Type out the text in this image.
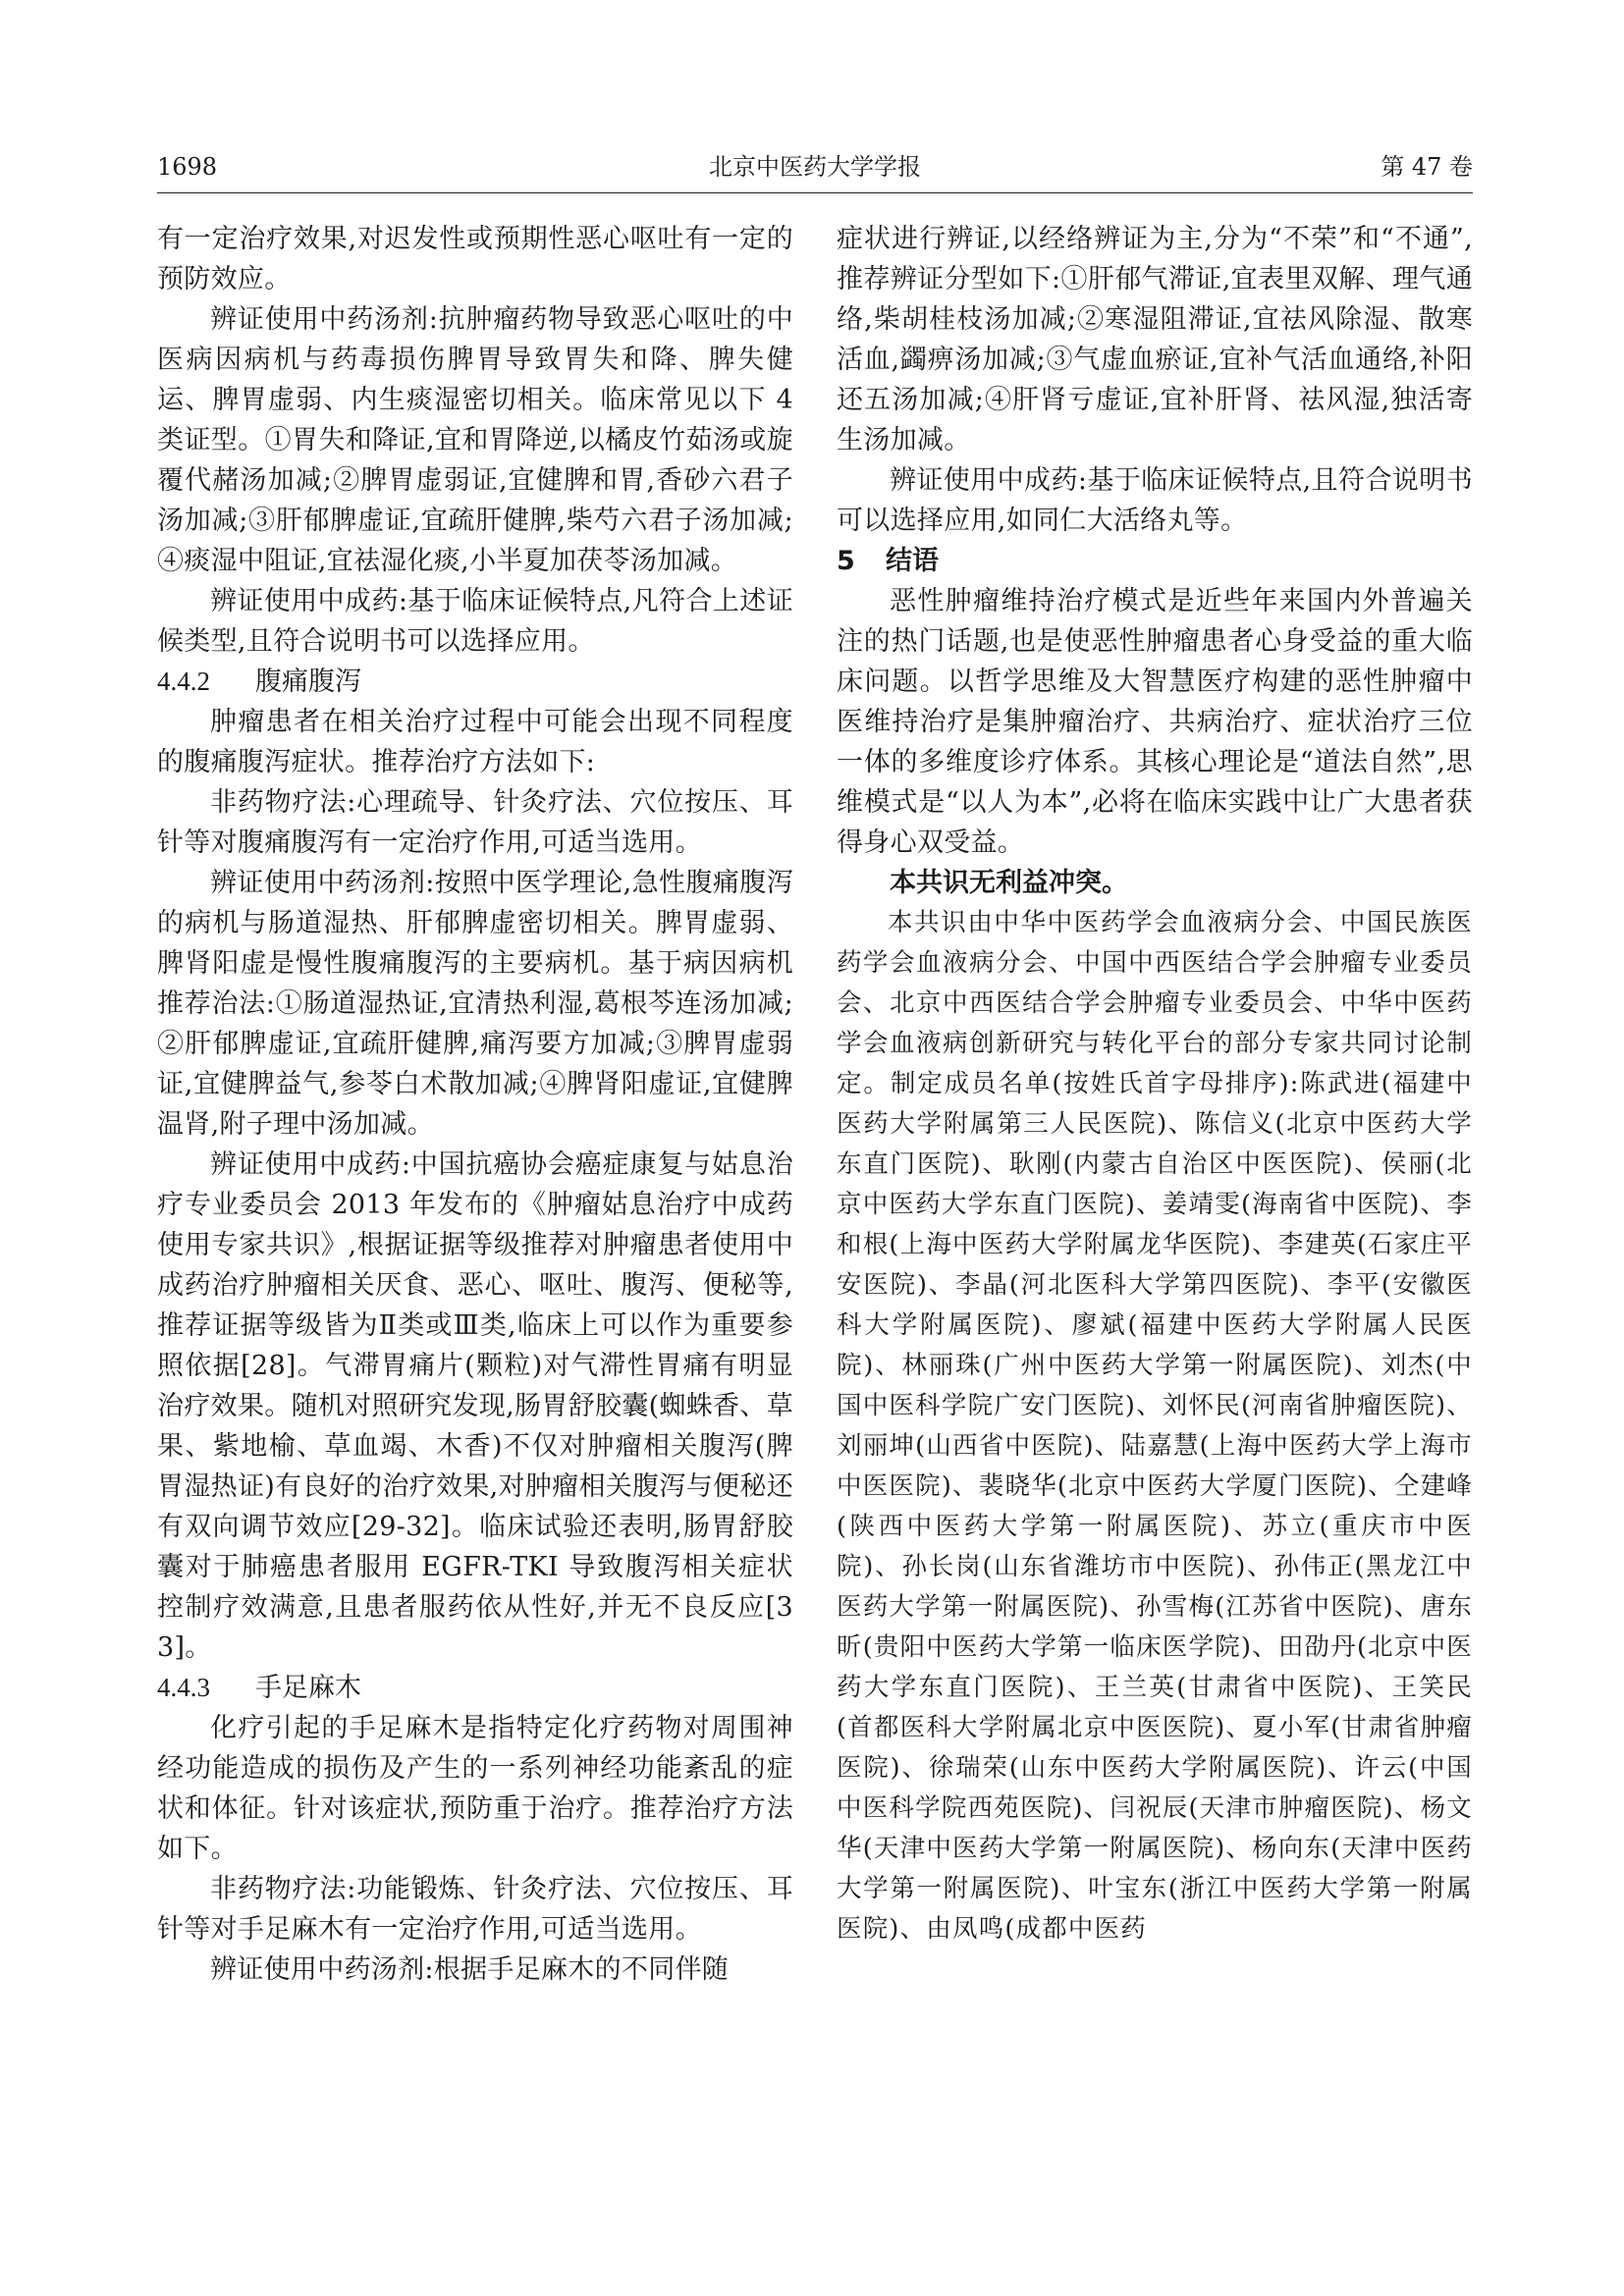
1698	北京中医药大学学报	第 47 卷

有一定治疗效果,对迟发性或预期性恶心呕吐有一定的预防效应。

辨证使用中药汤剂:抗肿瘤药物导致恶心呕吐的中医病因病机与药毒损伤脾胃导致胃失和降、脾失健运、脾胃虚弱、内生痰湿密切相关。临床常见以下 4 类证型。①胃失和降证,宜和胃降逆,以橘皮竹茹汤或旋覆代赭汤加减;②脾胃虚弱证,宜健脾和胃,香砂六君子汤加减;③肝郁脾虚证,宜疏肝健脾,柴芍六君子汤加减;④痰湿中阻证,宜祛湿化痰,小半夏加茯苓汤加减。

辨证使用中成药:基于临床证候特点,凡符合上述证候类型,且符合说明书可以选择应用。

4.4.2 腹痛腹泻

肿瘤患者在相关治疗过程中可能会出现不同程度的腹痛腹泻症状。推荐治疗方法如下:

非药物疗法:心理疏导、针灸疗法、穴位按压、耳针等对腹痛腹泻有一定治疗作用,可适当选用。

辨证使用中药汤剂:按照中医学理论,急性腹痛腹泻的病机与肠道湿热、肝郁脾虚密切相关。脾胃虚弱、脾肾阳虚是慢性腹痛腹泻的主要病机。基于病因病机推荐治法:①肠道湿热证,宜清热利湿,葛根芩连汤加减;②肝郁脾虚证,宜疏肝健脾,痛泻要方加减;③脾胃虚弱证,宜健脾益气,参苓白术散加减;④脾肾阳虚证,宜健脾温肾,附子理中汤加减。

辨证使用中成药:中国抗癌协会癌症康复与姑息治疗专业委员会 2013 年发布的《肿瘤姑息治疗中成药使用专家共识》,根据证据等级推荐对肿瘤患者使用中成药治疗肿瘤相关厌食、恶心、呕吐、腹泻、便秘等,推荐证据等级皆为Ⅱ类或Ⅲ类,临床上可以作为重要参照依据[28]。气滞胃痛片(颗粒)对气滞性胃痛有明显治疗效果。随机对照研究发现,肠胃舒胶囊(蜘蛛香、草果、紫地榆、草血竭、木香)不仅对肿瘤相关腹泻(脾胃湿热证)有良好的治疗效果,对肿瘤相关腹泻与便秘还有双向调节效应[29-32]。临床试验还表明,肠胃舒胶囊对于肺癌患者服用 EGFR-TKI 导致腹泻相关症状控制疗效满意,且患者服药依从性好,并无不良反应[33]。

4.4.3 手足麻木

化疗引起的手足麻木是指特定化疗药物对周围神经功能造成的损伤及产生的一系列神经功能紊乱的症状和体征。针对该症状,预防重于治疗。推荐治疗方法如下。

非药物疗法:功能锻炼、针灸疗法、穴位按压、耳针等对手足麻木有一定治疗作用,可适当选用。

辨证使用中药汤剂:根据手足麻木的不同伴随

症状进行辨证,以经络辨证为主,分为“不荣”和“不通”,推荐辨证分型如下:①肝郁气滞证,宜表里双解、理气通络,柴胡桂枝汤加减;②寒湿阻滞证,宜祛风除湿、散寒活血,蠲痹汤加减;③气虚血瘀证,宜补气活血通络,补阳还五汤加减;④肝肾亏虚证,宜补肝肾、祛风湿,独活寄生汤加减。

辨证使用中成药:基于临床证候特点,且符合说明书可以选择应用,如同仁大活络丸等。

5 结语

恶性肿瘤维持治疗模式是近些年来国内外普遍关注的热门话题,也是使恶性肿瘤患者心身受益的重大临床问题。以哲学思维及大智慧医疗构建的恶性肿瘤中医维持治疗是集肿瘤治疗、共病治疗、症状治疗三位一体的多维度诊疗体系。其核心理论是“道法自然”,思维模式是“以人为本”,必将在临床实践中让广大患者获得身心双受益。

本共识无利益冲突。

本共识由中华中医药学会血液病分会、中国民族医药学会血液病分会、中国中西医结合学会肿瘤专业委员会、北京中西医结合学会肿瘤专业委员会、中华中医药学会血液病创新研究与转化平台的部分专家共同讨论制定。制定成员名单(按姓氏首字母排序):陈武进(福建中医药大学附属第三人民医院)、陈信义(北京中医药大学东直门医院)、耿刚(内蒙古自治区中医医院)、侯丽(北京中医药大学东直门医院)、姜靖雯(海南省中医院)、李和根(上海中医药大学附属龙华医院)、李建英(石家庄平安医院)、李晶(河北医科大学第四医院)、李平(安徽医科大学附属医院)、廖斌(福建中医药大学附属人民医院)、林丽珠(广州中医药大学第一附属医院)、刘杰(中国中医科学院广安门医院)、刘怀民(河南省肿瘤医院)、刘丽坤(山西省中医院)、陆嘉慧(上海中医药大学上海市中医医院)、裴晓华(北京中医药大学厦门医院)、仝建峰(陕西中医药大学第一附属医院)、苏立(重庆市中医院)、孙长岗(山东省潍坊市中医院)、孙伟正(黑龙江中医药大学第一附属医院)、孙雪梅(江苏省中医院)、唐东昕(贵阳中医药大学第一临床医学院)、田劭丹(北京中医药大学东直门医院)、王兰英(甘肃省中医院)、王笑民(首都医科大学附属北京中医医院)、夏小军(甘肃省肿瘤医院)、徐瑞荣(山东中医药大学附属医院)、许云(中国中医科学院西苑医院)、闫祝辰(天津市肿瘤医院)、杨文华(天津中医药大学第一附属医院)、杨向东(天津中医药大学第一附属医院)、叶宝东(浙江中医药大学第一附属医院)、由凤鸣(成都中医药
